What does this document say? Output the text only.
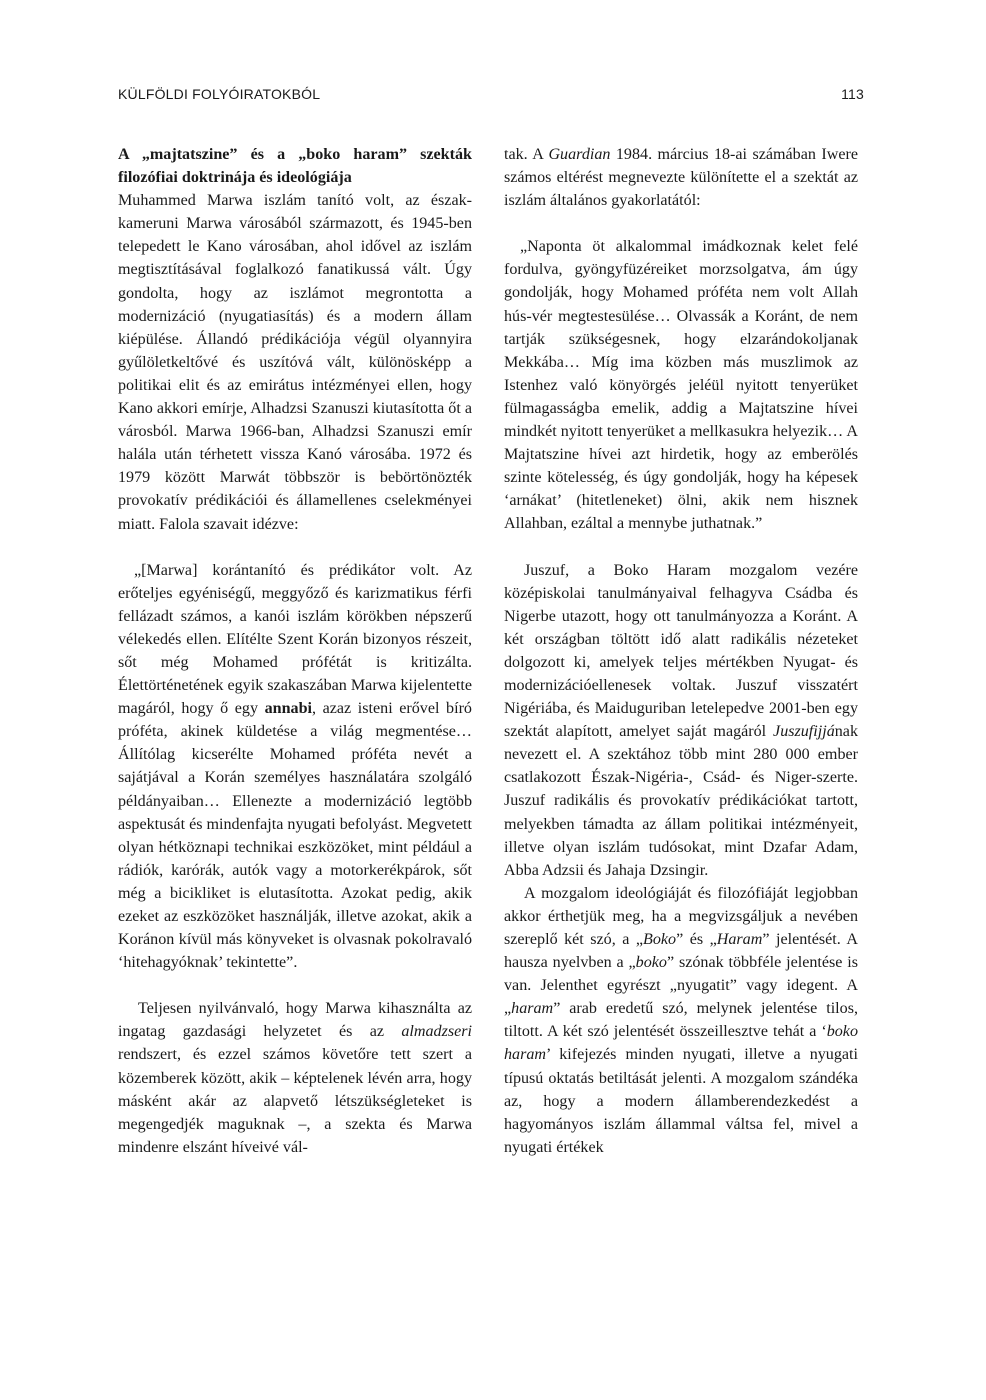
KÜLFÖLDI FOLYÓIRATOKBÓL	113
A „majtatszine” és a „boko haram” szekták filozófiai doktrinája és ideológiája

Muhammed Marwa iszlám tanító volt, az észak-kameruni Marwa városából származott, és 1945-ben telepedett le Kano városában, ahol idővel az iszlám megtisztításával foglalkozó fanatikussá vált. Úgy gondolta, hogy az iszlámot megrontotta a modernizáció (nyugatiasítás) és a modern állam kiépülése. Állandó prédikációja végül olyannyira gyűlöletkeltővé és uszítóvá vált, különösképp a politikai elit és az emirátus intézményei ellen, hogy Kano akkori emírje, Alhadzsi Szanuszi kiutasította őt a városból. Marwa 1966-ban, Alhadzsi Szanuszi emír halála után térhetett vissza Kanó városába. 1972 és 1979 között Marwát többször is bebörtönözték provokatív prédikációi és államellenes cselekményei miatt. Falola szavait idézve:

„[Marwa] korántanító és prédikátor volt. Az erőteljes egyéniségű, meggyőző és karizmatikus férfi fellázadt számos, a kanói iszlám körökben népszerű vélekedés ellen. Elítélte Szent Korán bizonyos részeit, sőt még Mohamed prófétát is kritizálta. Élettörténetének egyik szakaszában Marwa kijelentette magáról, hogy ő egy annabi, azaz isteni erővel bíró próféta, akinek küldetése a világ megmentése… Állítólag kicserélte Mohamed próféta nevét a sajátjával a Korán személyes használatára szolgáló példányaiban… Ellenezte a modernizáció legtöbb aspektusát és mindenfajta nyugati befolyást. Megvetett olyan hétköznapi technikai eszközöket, mint például a rádiók, karórák, autók vagy a motorkerékpárok, sőt még a bicikliket is elutasította. Azokat pedig, akik ezeket az eszközöket használják, illetve azokat, akik a Koránon kívül más könyveket is olvasnak pokolravaló ‘hitehagyóknak’ tekintette”.

Teljesen nyilvánvaló, hogy Marwa kihasználta az ingatag gazdasági helyzetet és az almadzseri rendszert, és ezzel számos követőre tett szert a közemberek között, akik – képtelenek lévén arra, hogy másként akár az alapvető létszükségleteket is megengedjék maguknak –, a szekta és Marwa mindenre elszánt híveivé vál-

tak. A Guardian 1984. március 18-ai számában Iwere számos eltérést megnevezte különítette el a szektát az iszlám általános gyakorlatától:

„Naponta öt alkalommal imádkoznak kelet felé fordulva, gyöngyfüzéreiket morzsolgatva, ám úgy gondolják, hogy Mohamed próféta nem volt Allah hús-vér megtestesülése… Olvassák a Koránt, de nem tartják szükségesnek, hogy elzarándokoljanak Mekkába… Míg ima közben más muszlimok az Istenhez való könyörgés jeléül nyitott tenyerüket fülmagasságba emelik, addig a Majtatszine hívei mindkét nyitott tenyerüket a mellkasukra helyezik… A Majtatszine hívei azt hirdetik, hogy az emberölés szinte kötelesség, és úgy gondolják, hogy ha képesek ‘arnákat’ (hitetleneket) ölni, akik nem hisznek Allahban, ezáltal a mennybe juthatnak.”

Juszuf, a Boko Haram mozgalom vezére középiskolai tanulmányaival felhagyva Csádba és Nigerbe utazott, hogy ott tanulmányozza a Koránt. A két országban töltött idő alatt radikális nézeteket dolgozott ki, amelyek teljes mértékben Nyugat- és modernizációellenesek voltak. Juszuf visszatért Nigériába, és Maiduguriban letelepedve 2001-ben egy szektát alapított, amelyet saját magáról Juszufijjának nevezett el. A szektához több mint 280 000 ember csatlakozott Észak-Nigéria-, Csád- és Niger-szerte. Juszuf radikális és provokatív prédikációkat tartott, melyekben támadta az állam politikai intézményeit, illetve olyan iszlám tudósokat, mint Dzafar Adam, Abba Adzsii és Jahaja Dzsingir.

A mozgalom ideológiáját és filozófiáját legjobban akkor érthetjük meg, ha a megvizsgáljuk a nevében szereplő két szó, a „Boko” és „Haram” jelentését. A hausza nyelvben a „boko” szónak többféle jelentése is van. Jelenthet egyrészt „nyugatit” vagy idegent. A „haram” arab eredetű szó, melynek jelentése tilos, tiltott. A két szó jelentését összeillesztve tehát a ‘boko haram’ kifejezés minden nyugati, illetve a nyugati típusú oktatás betiltását jelenti. A mozgalom szándéka az, hogy a modern államberendezkedést a hagyományos iszlám állammal váltsa fel, mivel a nyugati értékek
